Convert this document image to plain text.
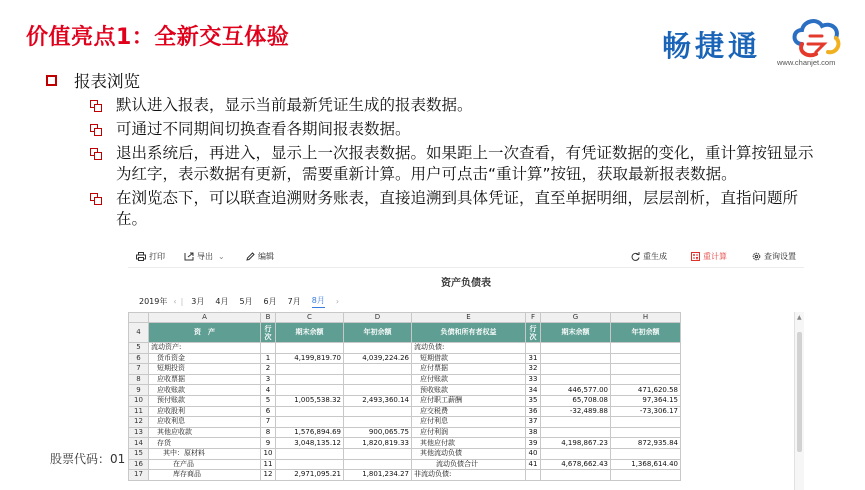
价值亮点1：全新交互体验	畅捷通 www.chanjet.com
报表浏览
默认进入报表，显示当前最新凭证生成的报表数据。
可通过不同期间切换查看各期间报表数据。
退出系统后，再进入，显示上一次报表数据。如果距上一次查看，有凭证数据的变化，重计算按钮显示为红字，表示数据有更新，需要重新计算。用户可点击“重计算”按钮，获取最新报表数据。
在浏览态下，可以联查追溯财务账表，直接追溯到具体凭证，直至单据明细，层层剖析，直指问题所在。
股票代码：01
打印	导出 ⌄	编辑	重生成	重计算	查询设置
资产负债表
2019年 ‹ | 3月 4月 5月 6月 7月 8月 ›
	A	B	C	D	E	F	G	H
4	资　产	行次	期末余额	年初余额	负债和所有者权益	行次	期末余额	年初余额
5	流动资产:				流动负债:			
6	货币资金	1	4,199,819.70	4,039,224.26	短期借款	31		
7	短期投资	2			应付票据	32		
8	应收票据	3			应付账款	33		
9	应收账款	4			预收账款	34	446,577.00	471,620.58
10	预付账款	5	1,005,538.32	2,493,360.14	应付职工薪酬	35	65,708.08	97,364.15
11	应收股利	6			应交税费	36	-32,489.88	-73,306.17
12	应收利息	7			应付利息	37		
13	其他应收款	8	1,576,894.69	900,065.75	应付利润	38		
14	存货	9	3,048,135.12	1,820,819.33	其他应付款	39	4,198,867.23	872,935.84
15	其中：原材料	10			其他流动负债	40		
16	在产品	11			流动负债合计	41	4,678,662.43	1,368,614.40
17	库存商品	12	2,971,095.21	1,801,234.27	非流动负债:			
▲
